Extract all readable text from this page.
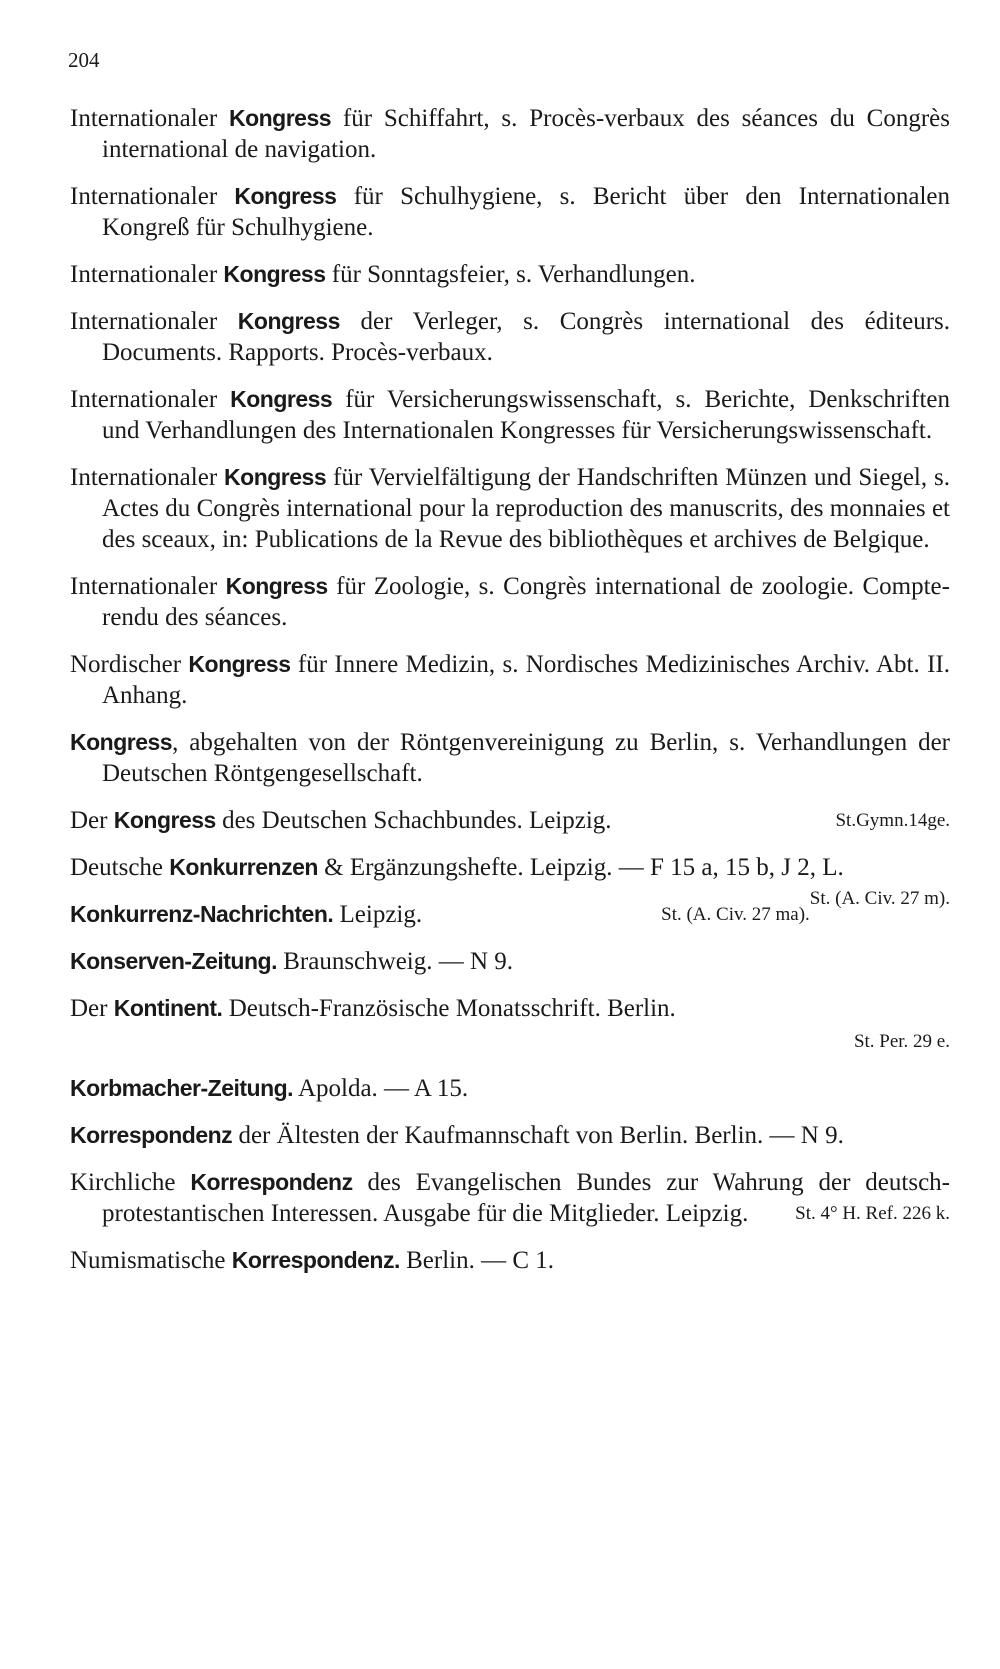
204
Internationaler Kongress für Schiffahrt, s. Procès-verbaux des séances du Congrès international de navigation.
Internationaler Kongress für Schulhygiene, s. Bericht über den Internationalen Kongreß für Schulhygiene.
Internationaler Kongress für Sonntagsfeier, s. Verhandlungen.
Internationaler Kongress der Verleger, s. Congrès international des éditeurs. Documents. Rapports. Procès-verbaux.
Internationaler Kongress für Versicherungswissenschaft, s. Berichte, Denkschriften und Verhandlungen des Internationalen Kongresses für Versicherungswissenschaft.
Internationaler Kongress für Vervielfältigung der Handschriften Münzen und Siegel, s. Actes du Congrès international pour la reproduction des manuscrits, des monnaies et des sceaux, in: Publications de la Revue des bibliothèques et archives de Belgique.
Internationaler Kongress für Zoologie, s. Congrès international de zoologie. Compte-rendu des séances.
Nordischer Kongress für Innere Medizin, s. Nordisches Medizinisches Archiv. Abt. II. Anhang.
Kongress, abgehalten von der Röntgenvereinigung zu Berlin, s. Verhandlungen der Deutschen Röntgengesellschaft.
Der Kongress des Deutschen Schachbundes. Leipzig.	St.Gymn.14ge.
Deutsche Konkurrenzen & Ergänzungshefte. Leipzig. — F 15 a, 15 b, J 2, L.
St. (A. Civ. 27 m).
Konkurrenz-Nachrichten. Leipzig.	St. (A. Civ. 27 ma).
Konserven-Zeitung. Braunschweig. — N 9.
Der Kontinent. Deutsch-Französische Monatsschrift. Berlin.
St. Per. 29 e.
Korbmacher-Zeitung. Apolda. — A 15.
Korrespondenz der Ältesten der Kaufmannschaft von Berlin. Berlin. — N 9.
Kirchliche Korrespondenz des Evangelischen Bundes zur Wahrung der deutsch-protestantischen Interessen. Ausgabe für die Mitglieder. Leipzig. St. 4° H. Ref. 226 k.
Numismatische Korrespondenz. Berlin. — C 1.
